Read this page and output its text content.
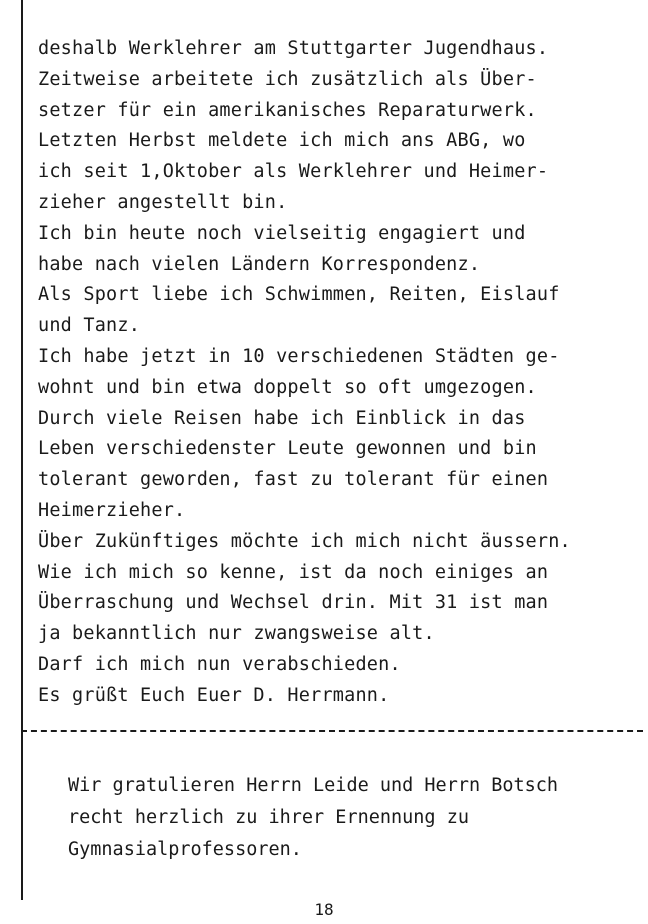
deshalb Werklehrer am Stuttgarter Jugendhaus.
Zeitweise arbeitete ich zusätzlich als Über-
setzer für ein amerikanisches Reparaturwerk.
Letzten Herbst meldete ich mich ans ABG, wo
ich seit 1,Oktober als Werklehrer und Heimer-
zieher angestellt bin.
Ich bin heute noch vielseitig engagiert und
habe nach vielen Ländern Korrespondenz.
Als Sport liebe ich Schwimmen, Reiten, Eislauf
und Tanz.
Ich habe jetzt in 10 verschiedenen Städten ge-
wohnt und bin etwa doppelt so oft umgezogen.
Durch viele Reisen habe ich Einblick in das
Leben verschiedenster Leute gewonnen und bin
tolerant geworden, fast zu tolerant für einen
Heimerzieher.
Über Zukünftiges möchte ich mich nicht äussern.
Wie ich mich so kenne, ist da noch einiges an
Überraschung und Wechsel drin. Mit 31 ist man
ja bekanntlich nur zwangsweise alt.
Darf ich mich nun verabschieden.
Es grüßt Euch Euer D. Herrmann.
Wir gratulieren Herrn Leide und Herrn Botsch
recht herzlich zu ihrer Ernennung zu
Gymnasialprofessoren.
18
